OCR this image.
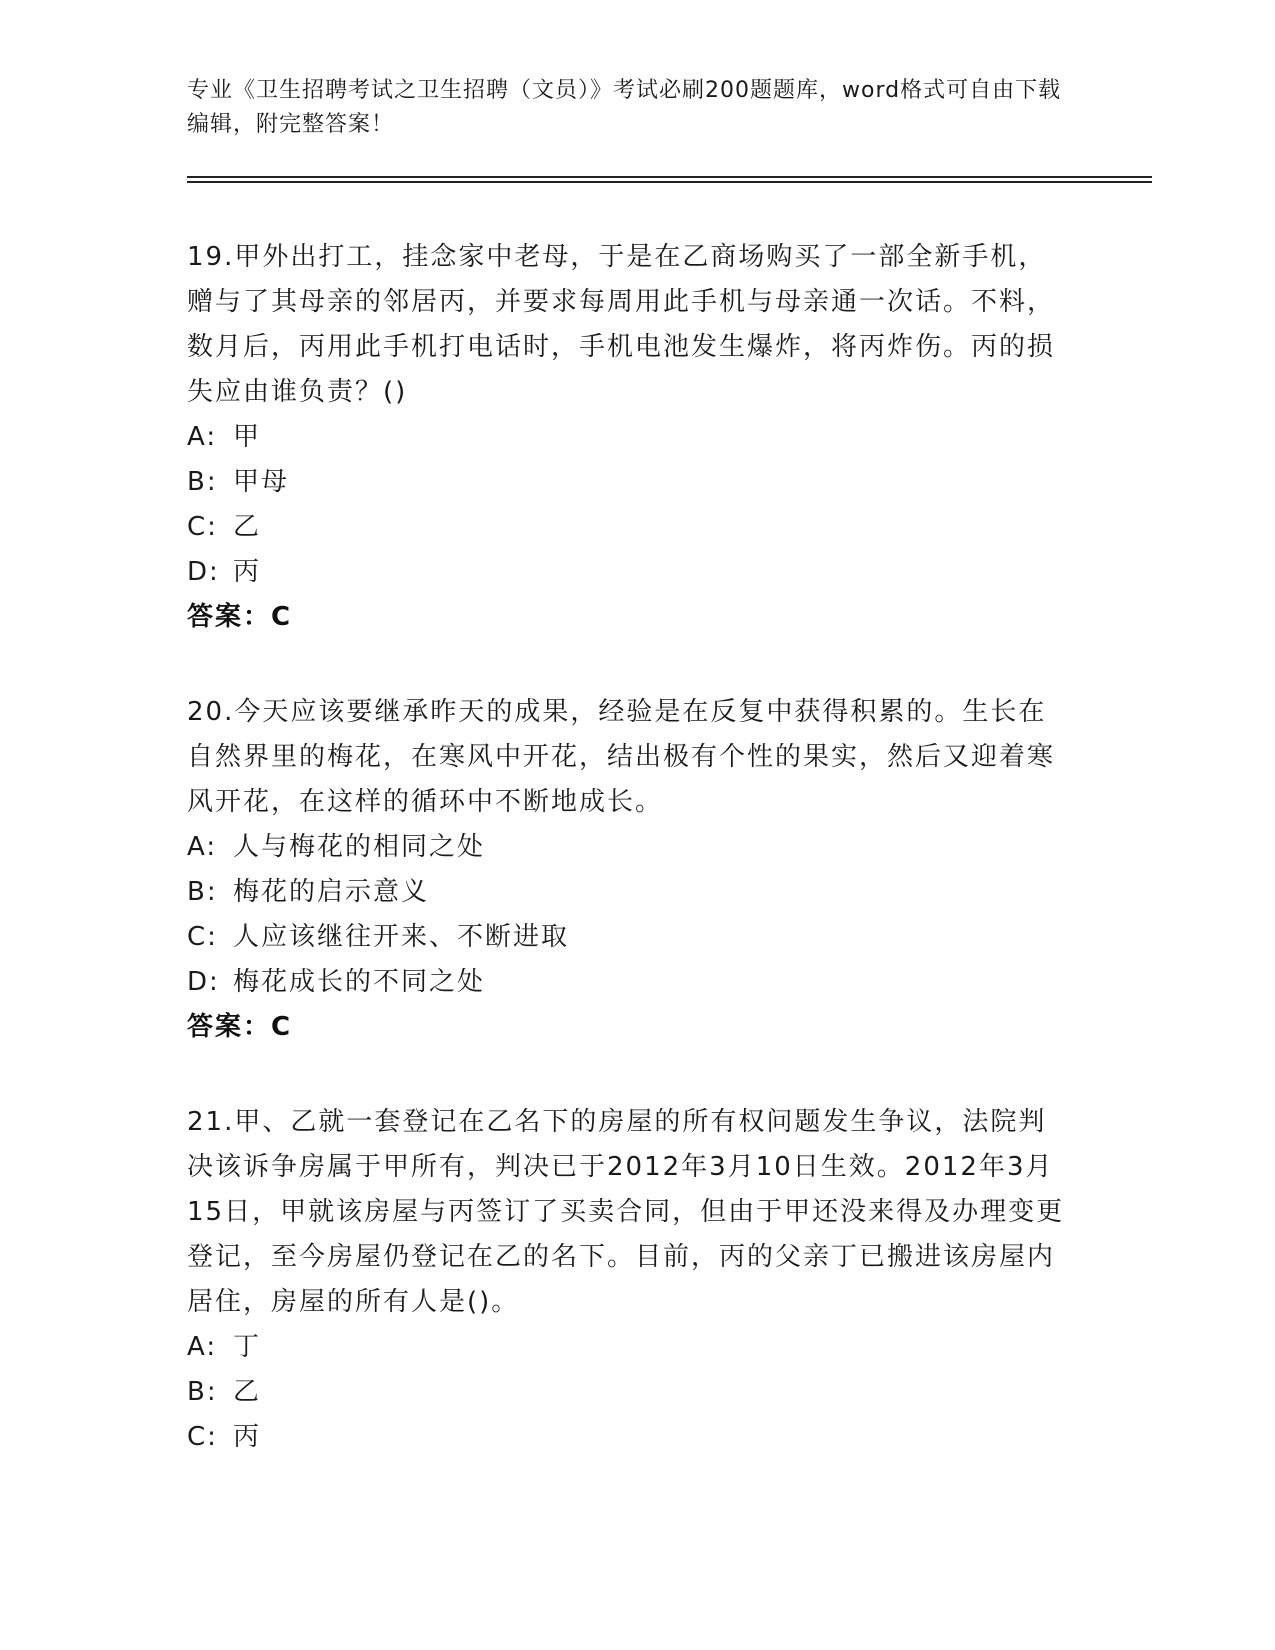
专业《卫生招聘考试之卫生招聘（文员）》考试必刷200题题库，word格式可自由下载编辑，附完整答案！

19.甲外出打工，挂念家中老母，于是在乙商场购买了一部全新手机，赠与了其母亲的邻居丙，并要求每周用此手机与母亲通一次话。不料，数月后，丙用此手机打电话时，手机电池发生爆炸，将丙炸伤。丙的损失应由谁负责？()

A: 甲

B: 甲母

C: 乙

D: 丙

答案：C

20.今天应该要继承昨天的成果，经验是在反复中获得积累的。生长在自然界里的梅花，在寒风中开花，结出极有个性的果实，然后又迎着寒风开花，在这样的循环中不断地成长。

A: 人与梅花的相同之处

B: 梅花的启示意义

C: 人应该继往开来、不断进取

D: 梅花成长的不同之处

答案：C

21.甲、乙就一套登记在乙名下的房屋的所有权问题发生争议，法院判决该诉争房属于甲所有，判决已于2012年3月10日生效。2012年3月15日，甲就该房屋与丙签订了买卖合同，但由于甲还没来得及办理变更登记，至今房屋仍登记在乙的名下。目前，丙的父亲丁已搬进该房屋内居住，房屋的所有人是()。

A: 丁

B: 乙

C: 丙
